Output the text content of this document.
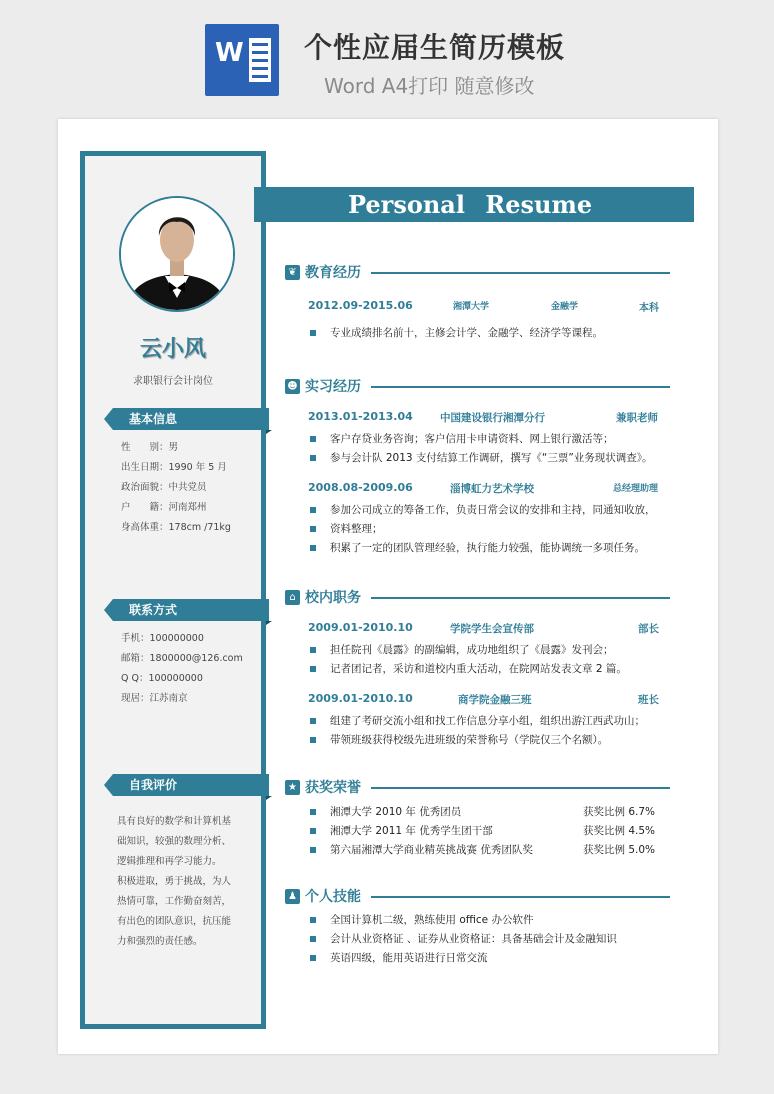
W 个性应届生简历模板
Word A4打印 随意修改
云小风
求职银行会计岗位
基本信息
性　　别：男
出生日期：1990 年 5 月
政治面貌：中共党员
户　　籍：河南郑州
身高体重：178cm /71kg
联系方式
手机：100000000
邮箱：1800000@126.com
Q Q：100000000
现居：江苏南京
自我评价
具有良好的数学和计算机基
础知识，较强的数理分析、
逻辑推理和再学习能力。
积极进取，勇于挑战，为人
热情可靠，工作勤奋刻苦，
有出色的团队意识，抗压能
力和强烈的责任感。
Personal Resume
❦ 教育经历
2012.09-2015.06	湘潭大学	金融学	本科
专业成绩排名前十，主修会计学、金融学、经济学等课程。
☻ 实习经历
2013.01-2013.04	中国建设银行湘潭分行	兼职老师
客户存贷业务咨询；客户信用卡申请资料、网上银行激活等；
参与会计队 2013 支付结算工作调研，撰写《“三票”业务现状调查》。
2008.08-2009.06	淄博虹力艺术学校	总经理助理
参加公司成立的筹备工作，负责日常会议的安排和主持，同通知收放，
资料整理；
积累了一定的团队管理经验，执行能力较强，能协调统一多项任务。
⌂ 校内职务
2009.01-2010.10	学院学生会宣传部	部长
担任院刊《晨露》的副编辑，成功地组织了《晨露》发刊会；
记者团记者，采访和道校内重大活动，在院网站发表文章 2 篇。
2009.01-2010.10	商学院金融三班	班长
组建了考研交流小组和找工作信息分享小组，组织出游江西武功山；
带领班级获得校级先进班级的荣誉称号（学院仅三个名额）。
★ 获奖荣誉
湘潭大学 2010 年 优秀团员	获奖比例 6.7%
湘潭大学 2011 年 优秀学生团干部	获奖比例 4.5%
第六届湘潭大学商业精英挑战赛 优秀团队奖	获奖比例 5.0%
♟ 个人技能
全国计算机二级，熟练使用 office 办公软件
会计从业资格证 、证券从业资格证：具备基础会计及金融知识
英语四级，能用英语进行日常交流
